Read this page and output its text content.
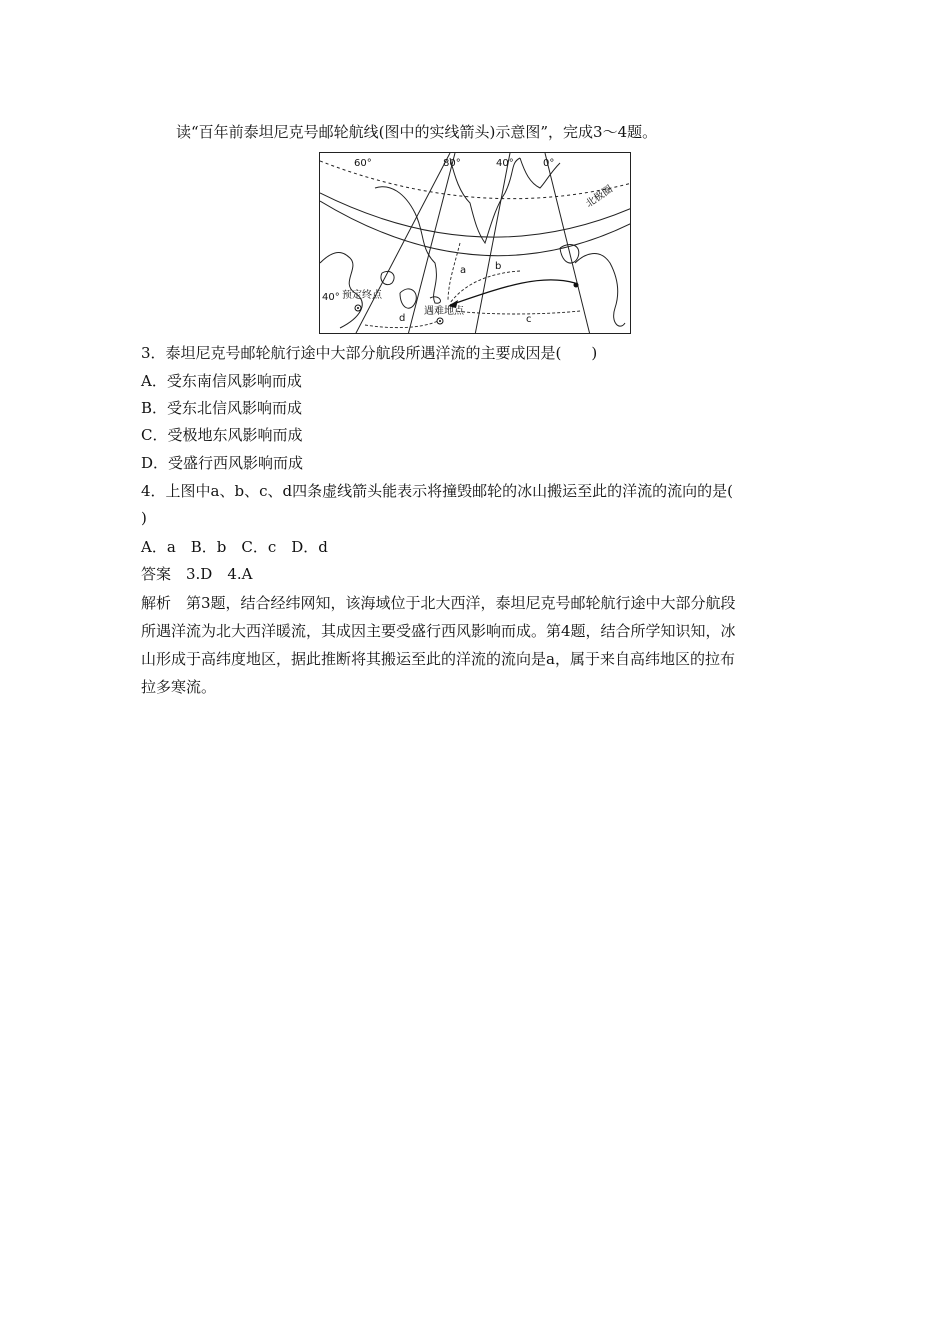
读“百年前泰坦尼克号邮轮航线(图中的实线箭头)示意图”，完成3～4题。
60°	80°	40°	0°
北极圈
40° 预定终点
遇难地点
a	b
c
d
3．泰坦尼克号邮轮航行途中大部分航段所遇洋流的主要成因是(　　)
A．受东南信风影响而成
B．受东北信风影响而成
C．受极地东风影响而成
D．受盛行西风影响而成
4．上图中a、b、c、d四条虚线箭头能表示将撞毁邮轮的冰山搬运至此的洋流的流向的是(
)
A．a　B．b　C．c　D．d
答案　3.D　4.A
解析　第3题，结合经纬网知，该海域位于北大西洋，泰坦尼克号邮轮航行途中大部分航段
所遇洋流为北大西洋暖流，其成因主要受盛行西风影响而成。第4题，结合所学知识知，冰
山形成于高纬度地区，据此推断将其搬运至此的洋流的流向是a，属于来自高纬地区的拉布
拉多寒流。
